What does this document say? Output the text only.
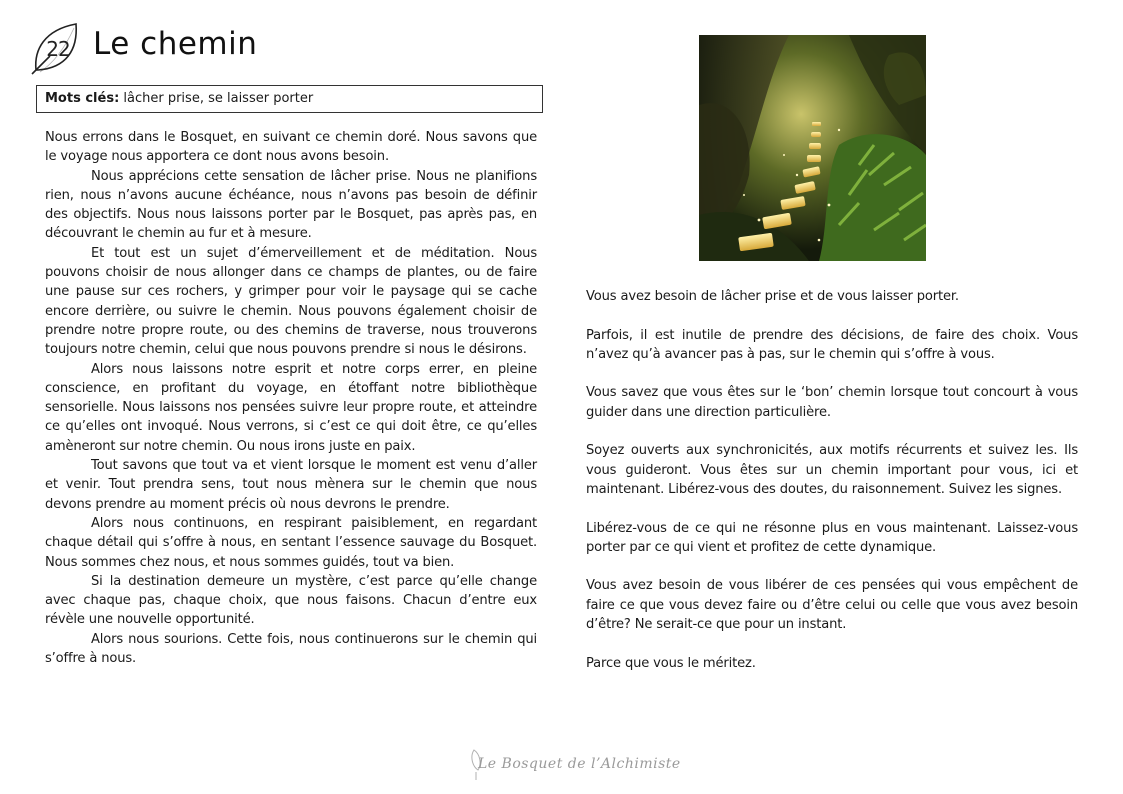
22 Le chemin
Mots clés: lâcher prise, se laisser porter

Nous errons dans le Bosquet, en suivant ce chemin doré. Nous savons que le voyage nous apportera ce dont nous avons besoin.

Nous apprécions cette sensation de lâcher prise. Nous ne planifions rien, nous n’avons aucune échéance, nous n’avons pas besoin de définir des objectifs. Nous nous laissons porter par le Bosquet, pas après pas, en découvrant le chemin au fur et à mesure.

Et tout est un sujet d’émerveillement et de méditation. Nous pouvons choisir de nous allonger dans ce champs de plantes, ou de faire une pause sur ces rochers, y grimper pour voir le paysage qui se cache encore derrière, ou suivre le chemin. Nous pouvons également choisir de prendre notre propre route, ou des chemins de traverse, nous trouverons toujours notre chemin, celui que nous pouvons prendre si nous le désirons.

Alors nous laissons notre esprit et notre corps errer, en pleine conscience, en profitant du voyage, en étoffant notre bibliothèque sensorielle. Nous laissons nos pensées suivre leur propre route, et atteindre ce qu’elles ont invoqué. Nous verrons, si c’est ce qui doit être, ce qu’elles amèneront sur notre chemin. Ou nous irons juste en paix.

Tout savons que tout va et vient lorsque le moment est venu d’aller et venir. Tout prendra sens, tout nous mènera sur le chemin que nous devons prendre au moment précis où nous devrons le prendre.

Alors nous continuons, en respirant paisiblement, en regardant chaque détail qui s’offre à nous, en sentant l’essence sauvage du Bosquet. Nous sommes chez nous, et nous sommes guidés, tout va bien.

Si la destination demeure un mystère, c’est parce qu’elle change avec chaque pas, chaque choix, que nous faisons. Chacun d’entre eux révèle une nouvelle opportunité.

Alors nous sourions. Cette fois, nous continuerons sur le chemin qui s’offre à nous.

Vous avez besoin de lâcher prise et de vous laisser porter.

Parfois, il est inutile de prendre des décisions, de faire des choix. Vous n’avez qu’à avancer pas à pas, sur le chemin qui s’offre à vous.

Vous savez que vous êtes sur le ‘bon’ chemin lorsque tout concourt à vous guider dans une direction particulière.

Soyez ouverts aux synchronicités, aux motifs récurrents et suivez les. Ils vous guideront. Vous êtes sur un chemin important pour vous, ici et maintenant. Libérez-vous des doutes, du raisonnement. Suivez les signes.

Libérez-vous de ce qui ne résonne plus en vous maintenant. Laissez-vous porter par ce qui vient et profitez de cette dynamique.

Vous avez besoin de vous libérer de ces pensées qui vous empêchent de faire ce que vous devez faire ou d’être celui ou celle que vous avez besoin d’être? Ne serait-ce que pour un instant.

Parce que vous le méritez.

Le Bosquet de l’Alchimiste
